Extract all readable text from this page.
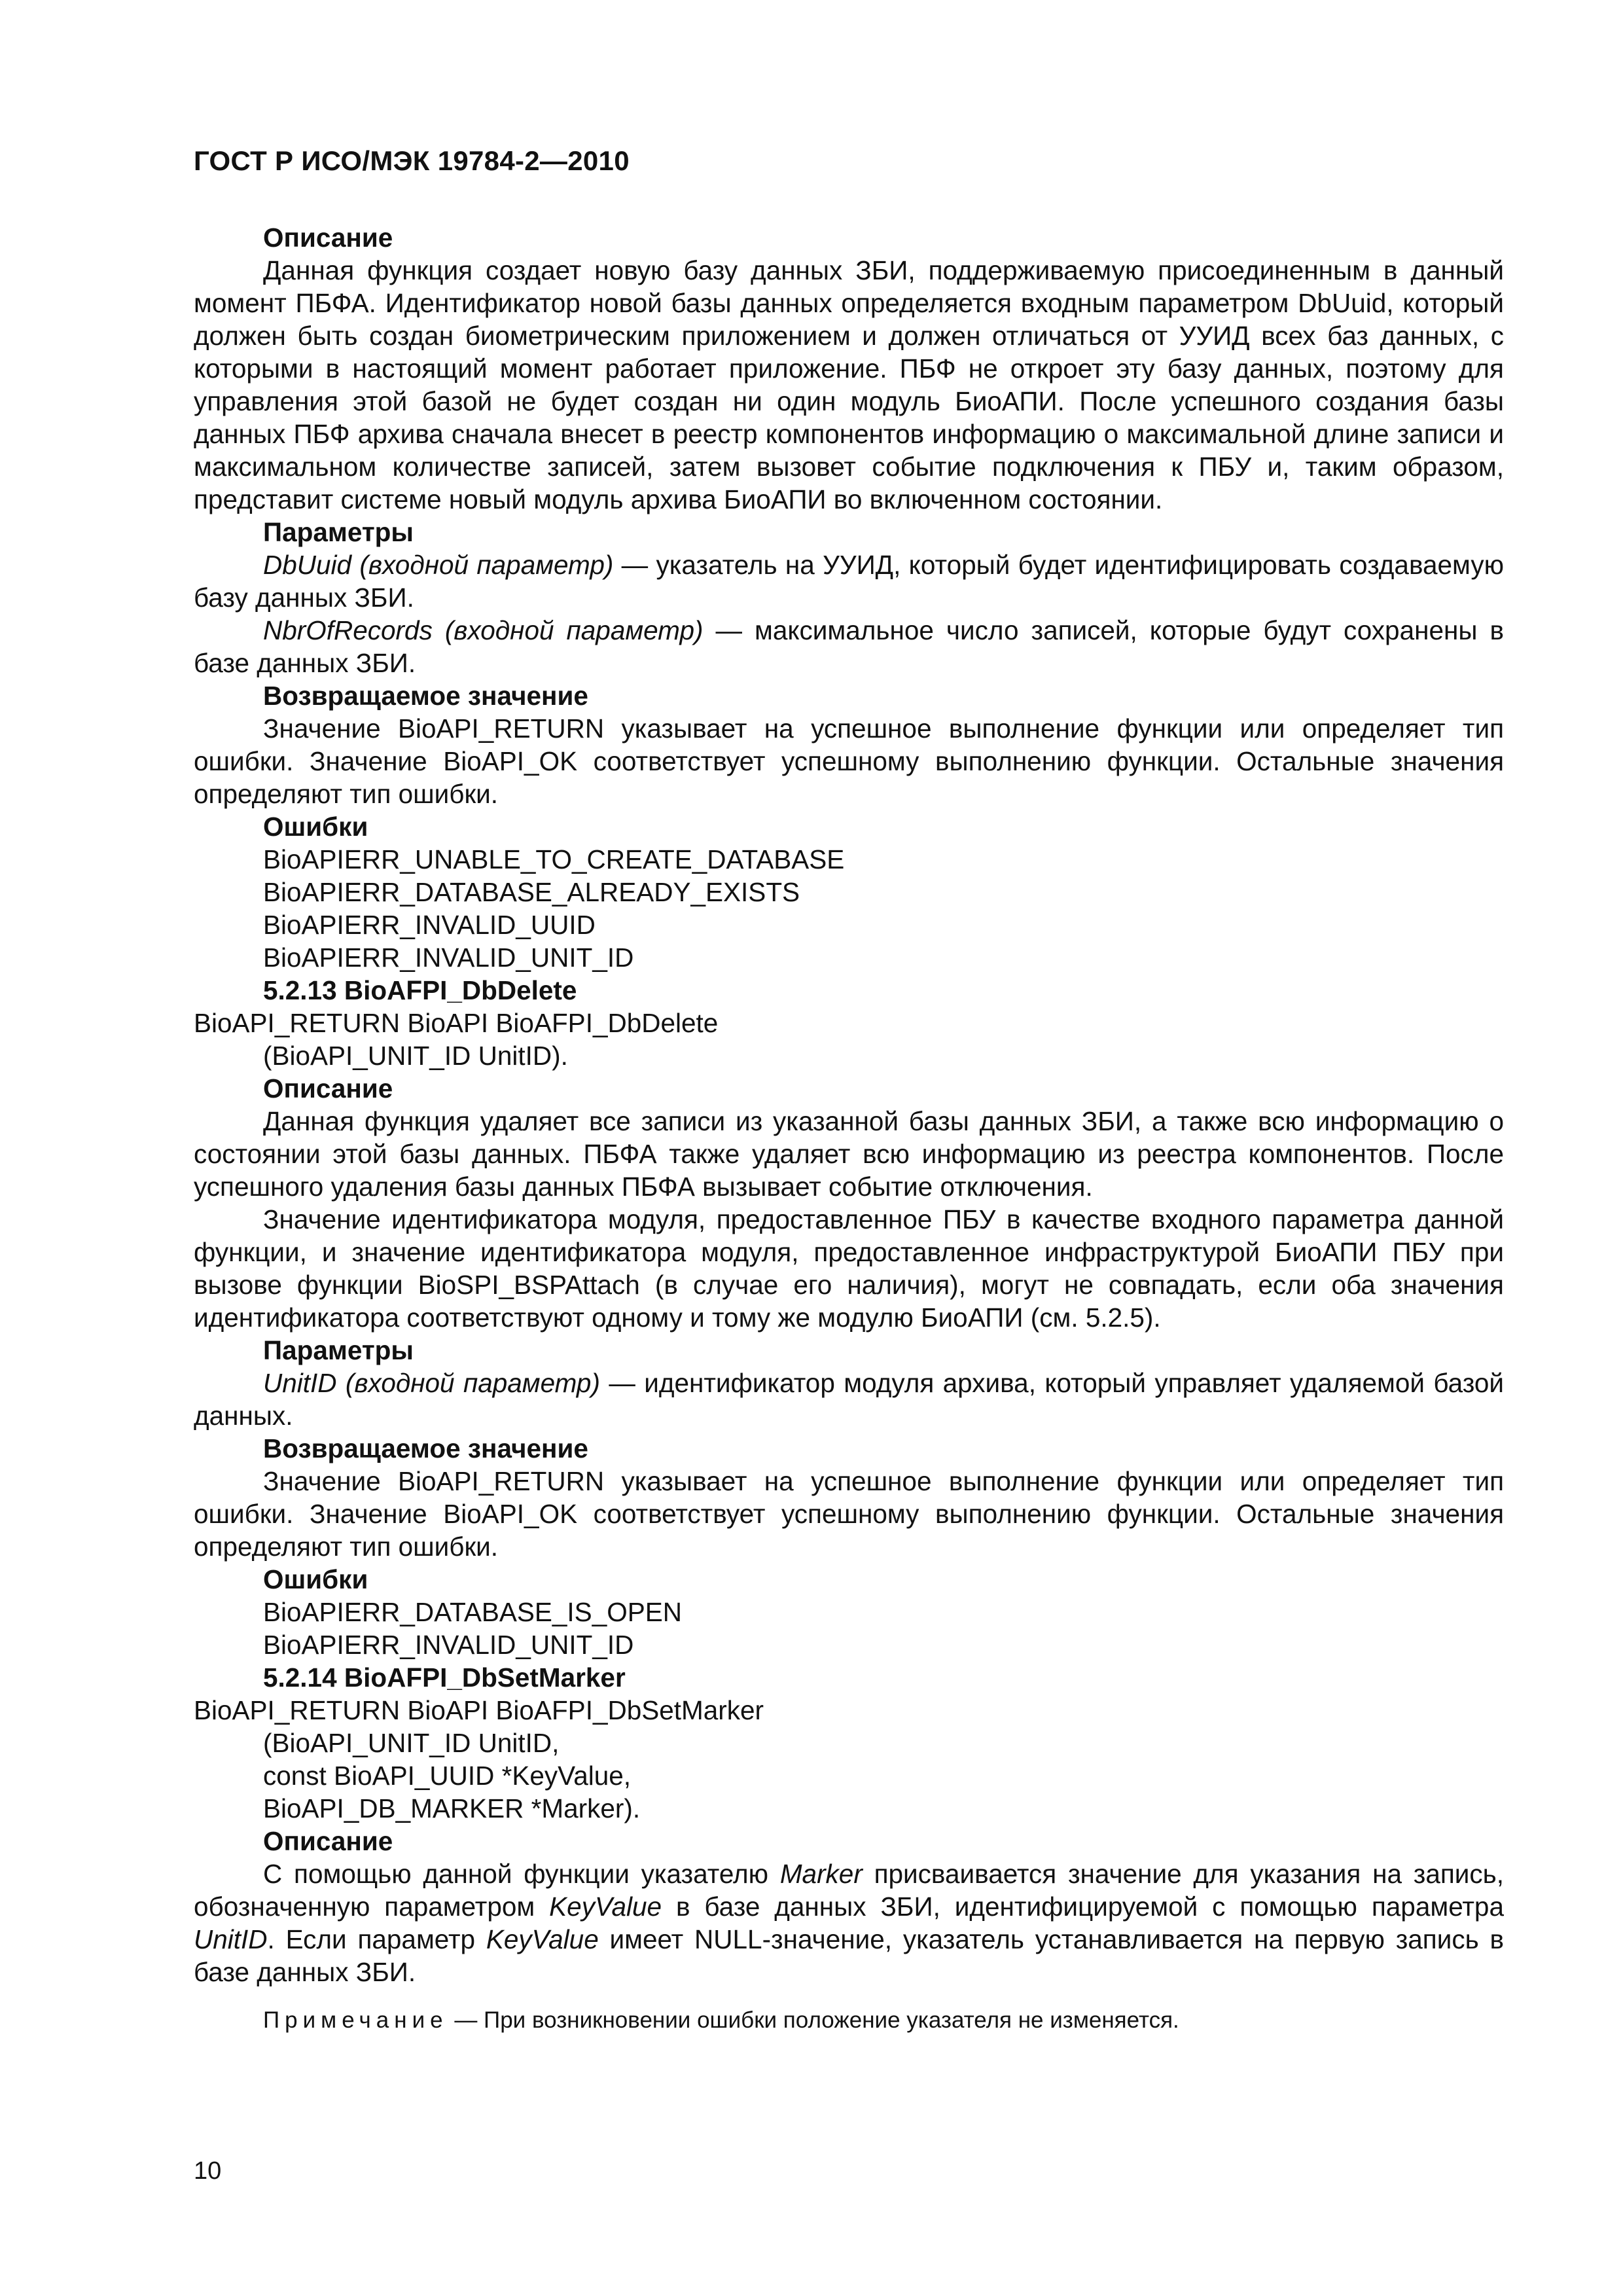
ГОСТ Р ИСО/МЭК 19784-2—2010

Описание

Данная функция создает новую базу данных ЗБИ, поддерживаемую присоединенным в данный момент ПБФА. Идентификатор новой базы данных определяется входным параметром DbUuid, который должен быть создан биометрическим приложением и должен отличаться от УУИД всех баз данных, с которыми в настоящий момент работает приложение. ПБФ не откроет эту базу данных, поэтому для управления этой базой не будет создан ни один модуль БиоАПИ. После успешного создания базы данных ПБФ архива сначала внесет в реестр компонентов информацию о максимальной длине записи и максимальном количестве записей, затем вызовет событие подключения к ПБУ и, таким образом, представит системе новый модуль архива БиоАПИ во включенном состоянии.

Параметры

DbUuid (входной параметр) — указатель на УУИД, который будет идентифицировать создаваемую базу данных ЗБИ.

NbrOfRecords (входной параметр) — максимальное число записей, которые будут сохранены в базе данных ЗБИ.

Возвращаемое значение

Значение BioAPI_RETURN указывает на успешное выполнение функции или определяет тип ошибки. Значение BioAPI_OK соответствует успешному выполнению функции. Остальные значения определяют тип ошибки.

Ошибки

BioAPIERR_UNABLE_TO_CREATE_DATABASE

BioAPIERR_DATABASE_ALREADY_EXISTS

BioAPIERR_INVALID_UUID

BioAPIERR_INVALID_UNIT_ID

5.2.13 BioAFPI_DbDelete

BioAPI_RETURN BioAPI BioAFPI_DbDelete

(BioAPI_UNIT_ID UnitID).

Описание

Данная функция удаляет все записи из указанной базы данных ЗБИ, а также всю информацию о состоянии этой базы данных. ПБФА также удаляет всю информацию из реестра компонентов. После успешного удаления базы данных ПБФА вызывает событие отключения.

Значение идентификатора модуля, предоставленное ПБУ в качестве входного параметра данной функции, и значение идентификатора модуля, предоставленное инфраструктурой БиоАПИ ПБУ при вызове функции BioSPI_BSPAttach (в случае его наличия), могут не совпадать, если оба значения идентификатора соответствуют одному и тому же модулю БиоАПИ (см. 5.2.5).

Параметры

UnitID (входной параметр) — идентификатор модуля архива, который управляет удаляемой базой данных.

Возвращаемое значение

Значение BioAPI_RETURN указывает на успешное выполнение функции или определяет тип ошибки. Значение BioAPI_OK соответствует успешному выполнению функции. Остальные значения определяют тип ошибки.

Ошибки

BioAPIERR_DATABASE_IS_OPEN

BioAPIERR_INVALID_UNIT_ID

5.2.14 BioAFPI_DbSetMarker

BioAPI_RETURN BioAPI BioAFPI_DbSetMarker

(BioAPI_UNIT_ID UnitID,

const BioAPI_UUID *KeyValue,

BioAPI_DB_MARKER *Marker).

Описание

С помощью данной функции указателю Marker присваивается значение для указания на запись, обозначенную параметром KeyValue в базе данных ЗБИ, идентифицируемой с помощью параметра UnitID. Если параметр KeyValue имеет NULL-значение, указатель устанавливается на первую запись в базе данных ЗБИ.

Примечание — При возникновении ошибки положение указателя не изменяется.

10
